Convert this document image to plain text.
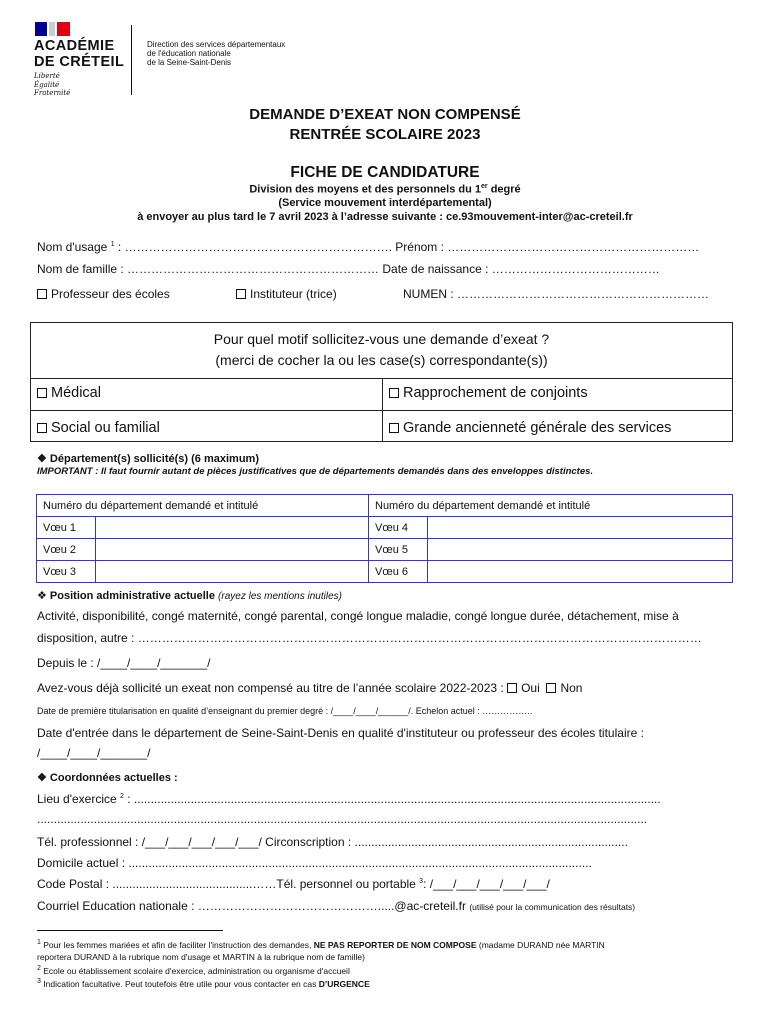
ACADÉMIE
DE CRÉTEIL
Liberté
Égalité
Fraternité
Direction des services départementaux
de l'éducation nationale
de la Seine-Saint-Denis
DEMANDE D’EXEAT NON COMPENSÉ
RENTRÉE SCOLAIRE 2023
FICHE DE CANDIDATURE
Division des moyens et des personnels du 1er degré
(Service mouvement interdépartemental)
à envoyer au plus tard le 7 avril 2023 à l’adresse suivante : ce.93mouvement-inter@ac-creteil.fr
Nom d'usage $^1$ : …………………………………………………………. Prénom : ………………………………………………………
Nom de famille : ……………………………………………………… Date de naissance : ……………………………………
Professeur des écoles	Instituteur (trice)	NUMEN : ………………………………………………………
Pour quel motif sollicitez-vous une demande d’exeat ?
(merci de cocher la ou les case(s) correspondante(s))
Médical	Rapprochement de conjoints
Social ou familial	Grande ancienneté générale des services
❖ Département(s) sollicité(s) (6 maximum)
IMPORTANT : Il faut fournir autant de pièces justificatives que de départements demandés dans des enveloppes distinctes.
Numéro du département demandé et intitulé		Numéro du département demandé et intitulé	
Vœu 1		Vœu 4	
Vœu 2		Vœu 5	
Vœu 3		Vœu 6	
❖ Position administrative actuelle (rayez les mentions inutiles)
Activité, disponibilité, congé maternité, congé parental, congé longue maladie, congé longue durée, détachement, mise à
disposition, autre : ……………………………………………………………………………………………………………………………
Depuis le : /____/____/_______/
Avez-vous déjà sollicité un exeat non compensé au titre de l’année scolaire 2022-2023 : Oui Non
Date de première titularisation en qualité d’enseignant du premier degré : /____/____/______/. Echelon actuel : ……………..
Date d'entrée dans le département de Seine-Saint-Denis en qualité d'instituteur ou professeur des écoles titulaire :
/____/____/_______/
❖ Coordonnées actuelles :
Lieu d'exercice $^2$ : ..............................................................................................................................................................
.......................................................................................................................................................................................
Tél. professionnel : /___/___/___/___/___/ Circonscription : ..................................................................................
Domicile actuel : ...........................................................................................................................................
Code Postal : ..........................................……Tél. personnel ou portable $^3$: /___/___/___/___/___/
Courriel Education nationale : ……………………………………….....@ac-creteil.fr (utilisé pour la communication des résultats)
$^1$ Pour les femmes mariées et afin de faciliter l'instruction des demandes, NE PAS REPORTER DE NOM COMPOSE (madame DURAND née MARTIN
reportera DURAND à la rubrique nom d'usage et MARTIN à la rubrique nom de famille)
$^2$ Ecole ou établissement scolaire d'exercice, administration ou organisme d'accueil
$^3$ Indication facultative. Peut toutefois être utile pour vous contacter en cas D’URGENCE
